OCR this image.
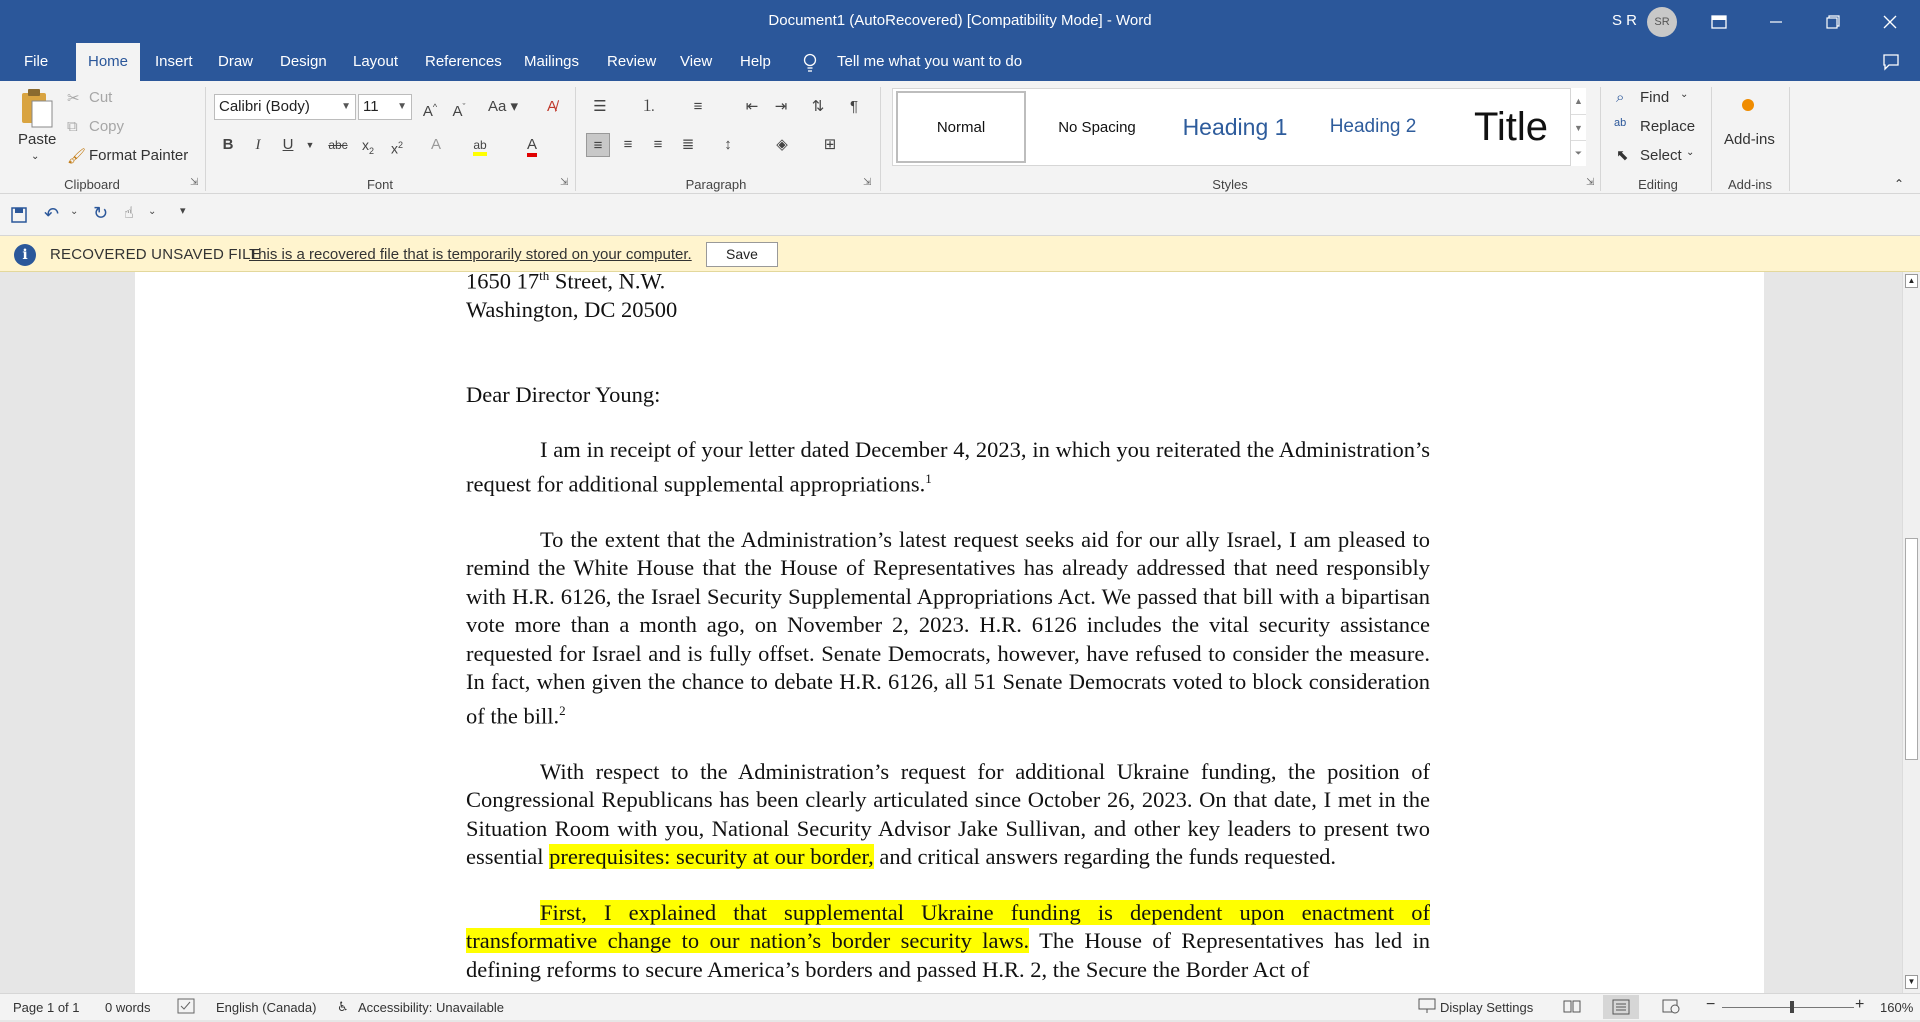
Document1 (AutoRecovered) [Compatibility Mode] - Word	S R	SR
File	Home	Insert	Draw	Design	Layout	References	Mailings	Review	View	Help	Tell me what you want to do
Paste
⌄
✂ Cut
⧉ Copy
🖌 Format Painter
Clipboard	⇲
Calibri (Body)	▼ 11 ▼	A^	$A^ˇ$	Aa ▾	A̸
B	I	U	▼	abc	$x_2$	$x^2$	A	ab	A
Font	⇲
☰	⒈	≡	⇤	⇥	⇅	¶
≡	≡	≡	≣	↕	◈	⊞
Paragraph	⇲
Normal	No Spacing	Heading 1	Heading 2	Title
▲
▼
⏷
Styles	⇲
⌕ Find ⌄
ab Replace
⬉ Select ⌄
Editing
Add-ins
Add-ins	⌃
↶ ⌄ ↻ ☝ ⌄ ▾
i	RECOVERED UNSAVED FILE
This is a recovered file that is temporarily stored on your computer.	Save
1650 17th Street, N.W.
Washington, DC 20500
Dear Director Young:

I am in receipt of your letter dated December 4, 2023, in which you reiterated the Administration’s request for additional supplemental appropriations.$^1$

To the extent that the Administration’s latest request seeks aid for our ally Israel, I am pleased to remind the White House that the House of Representatives has already addressed that need responsibly with H.R. 6126, the Israel Security Supplemental Appropriations Act. We passed that bill with a bipartisan vote more than a month ago, on November 2, 2023. H.R. 6126 includes the vital security assistance requested for Israel and is fully offset. Senate Democrats, however, have refused to consider the measure. In fact, when given the chance to debate H.R. 6126, all 51 Senate Democrats voted to block consideration of the bill.$^2$

With respect to the Administration’s request for additional Ukraine funding, the position of Congressional Republicans has been clearly articulated since October 26, 2023. On that date, I met in the Situation Room with you, National Security Advisor Jake Sullivan, and other key leaders to present two essential prerequisites: security at our border, and critical answers regarding the funds requested.

First, I explained that supplemental Ukraine funding is dependent upon enactment of transformative change to our nation’s border security laws. The House of Representatives has led in defining reforms to secure America’s borders and passed H.R. 2, the Secure the Border Act of

▲
▼
Page 1 of 1 0 words	English (Canada) ♿︎ Accessibility: Unavailable	Display Settings	−	+ 160%
